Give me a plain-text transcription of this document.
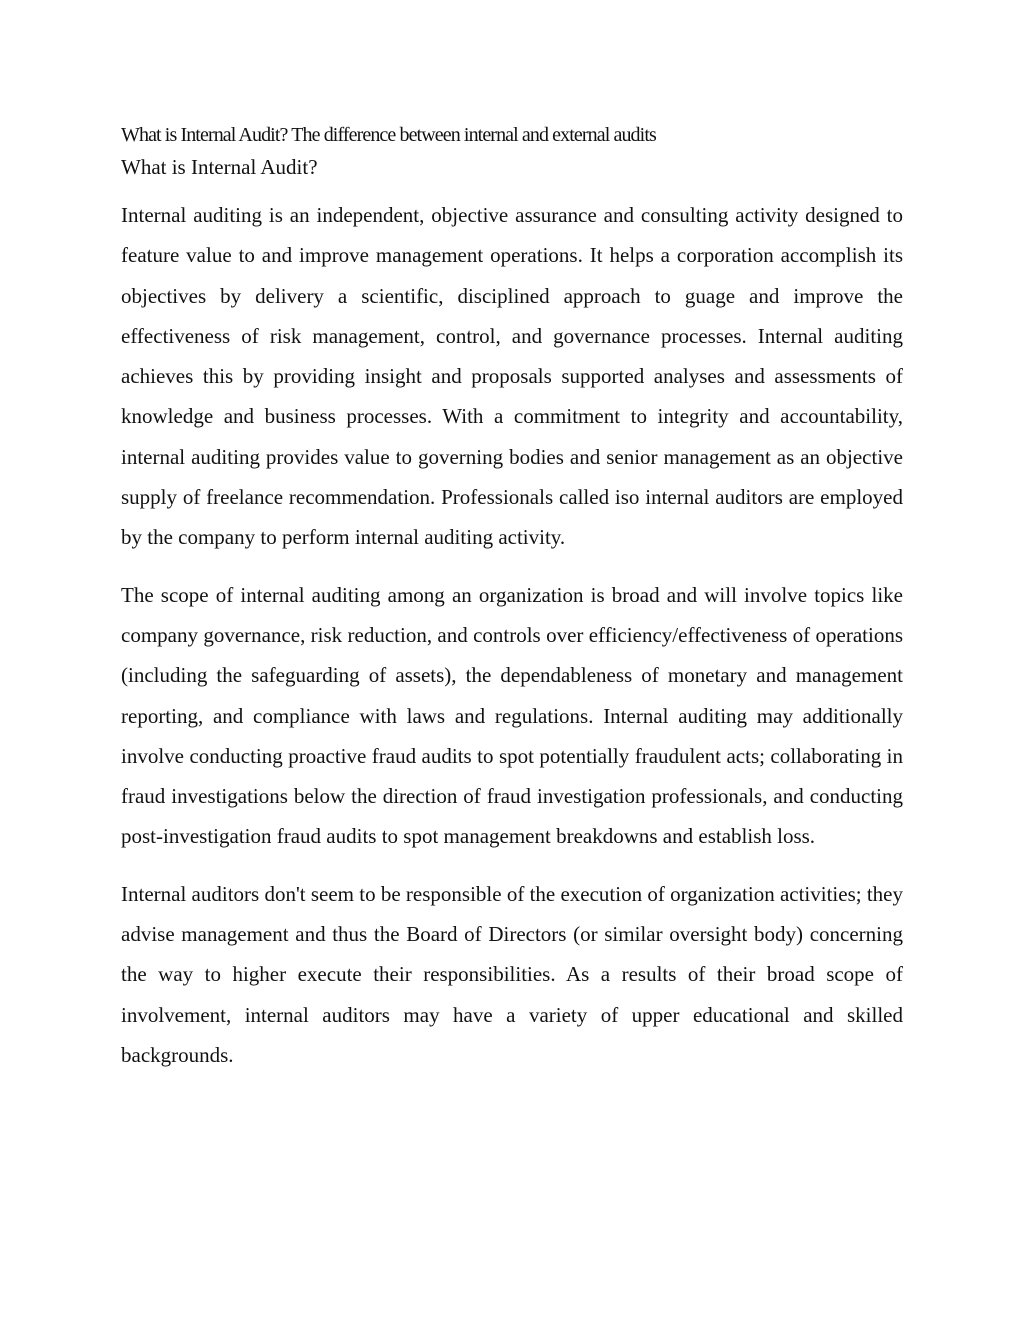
What is Internal Audit? The difference between internal and external audits
What is Internal Audit?

Internal auditing is an independent, objective assurance and consulting activity designed to feature value to and improve management operations. It helps a corporation accomplish its objectives by delivery a scientific, disciplined approach to guage and improve the effectiveness of risk management, control, and governance processes. Internal auditing achieves this by providing insight and proposals supported analyses and assessments of knowledge and business processes. With a commitment to integrity and accountability, internal auditing provides value to governing bodies and senior management as an objective supply of freelance recommendation. Professionals called iso internal auditors are employed by the company to perform internal auditing activity.

The scope of internal auditing among an organization is broad and will involve topics like company governance, risk reduction, and controls over efficiency/effectiveness of operations (including the safeguarding of assets), the dependableness of monetary and management reporting, and compliance with laws and regulations. Internal auditing may additionally involve conducting proactive fraud audits to spot potentially fraudulent acts; collaborating in fraud investigations below the direction of fraud investigation professionals, and conducting post-investigation fraud audits to spot management breakdowns and establish loss.

Internal auditors don't seem to be responsible of the execution of organization activities; they advise management and thus the Board of Directors (or similar oversight body) concerning the way to higher execute their responsibilities. As a results of their broad scope of involvement, internal auditors may have a variety of upper educational and skilled backgrounds.
